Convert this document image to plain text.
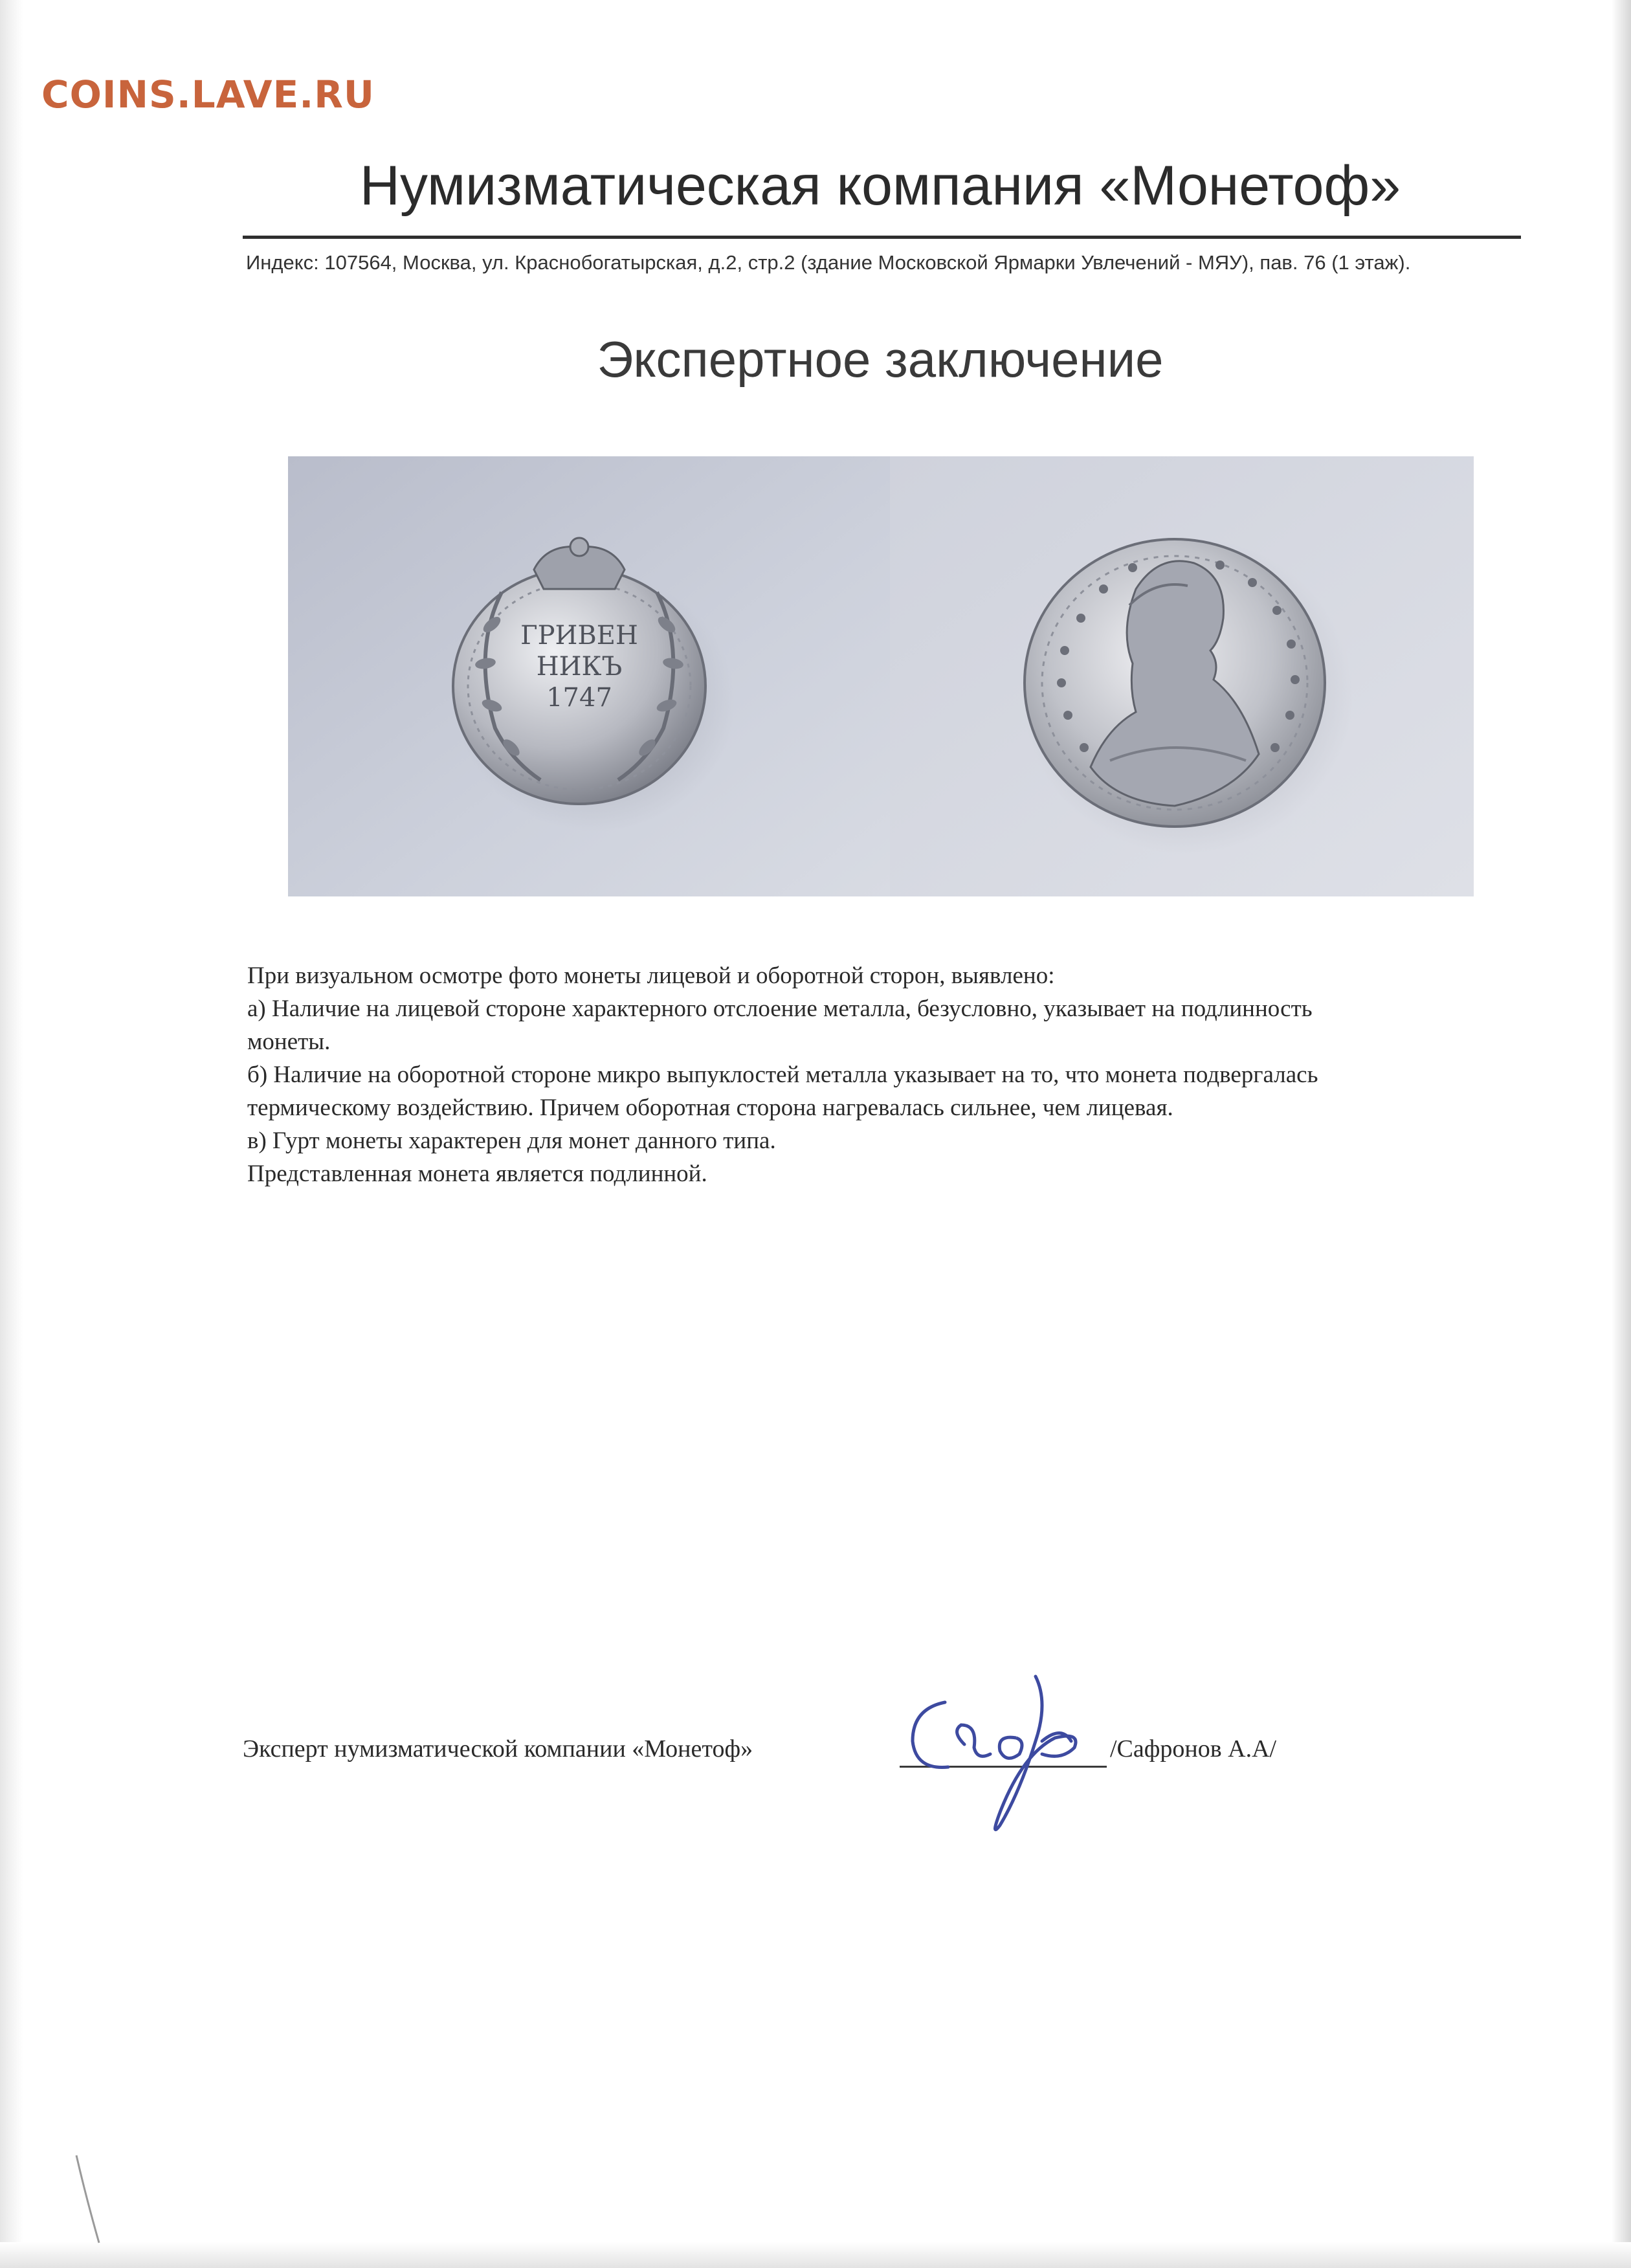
COINS.LAVE.RU
Нумизматическая компания «Монетоф»
Индекс: 107564, Москва, ул. Краснобогатырская, д.2, стр.2 (здание Московской Ярмарки Увлечений - МЯУ), пав. 76 (1 этаж).
Экспертное заключение
ГРИВЕН
НИКЪ
1747
При визуальном осмотре фото монеты лицевой и оборотной сторон, выявлено:
а) Наличие на лицевой стороне характерного отслоение металла, безусловно, указывает на подлинность
монеты.
б) Наличие на оборотной стороне микро выпуклостей металла указывает на то, что монета подвергалась
термическому воздействию. Причем оборотная сторона нагревалась сильнее, чем лицевая.
в) Гурт монеты характерен для монет данного типа.
Представленная монета является подлинной.
Эксперт нумизматической компании «Монетоф»	/Сафронов А.А/
